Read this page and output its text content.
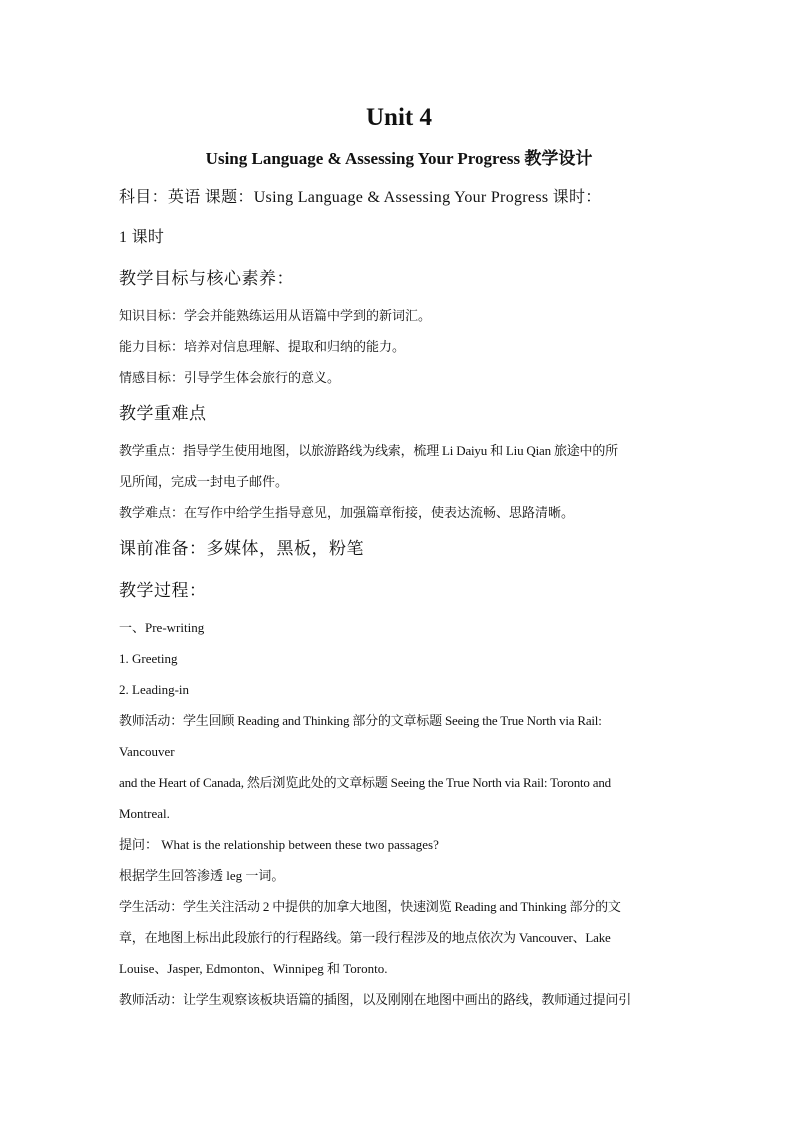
Unit 4
Using Language & Assessing Your Progress 教学设计
科目：英语 课题：Using Language & Assessing Your Progress 课时：
1 课时
教学目标与核心素养：
知识目标：学会并能熟练运用从语篇中学到的新词汇。
能力目标：培养对信息理解、提取和归纳的能力。
情感目标：引导学生体会旅行的意义。
教学重难点
教学重点：指导学生使用地图，以旅游路线为线索，梳理 Li Daiyu 和 Liu Qian 旅途中的所
见所闻，完成一封电子邮件。
教学难点：在写作中给学生指导意见，加强篇章衔接，使表达流畅、思路清晰。
课前准备：多媒体，黑板，粉笔
教学过程：
一、Pre-writing
1. Greeting
2. Leading-in
教师活动：学生回顾 Reading and Thinking 部分的文章标题 Seeing the True North via Rail:
Vancouver
and the Heart of Canada, 然后浏览此处的文章标题 Seeing the True North via Rail: Toronto and
Montreal.
提问： What is the relationship between these two passages?
根据学生回答渗透 leg 一词。
学生活动：学生关注活动 2 中提供的加拿大地图，快速浏览 Reading and Thinking 部分的文
章，在地图上标出此段旅行的行程路线。第一段行程涉及的地点依次为 Vancouver、Lake
Louise、Jasper, Edmonton、Winnipeg 和 Toronto.
教师活动：让学生观察该板块语篇的插图，以及刚刚在地图中画出的路线，教师通过提问引
